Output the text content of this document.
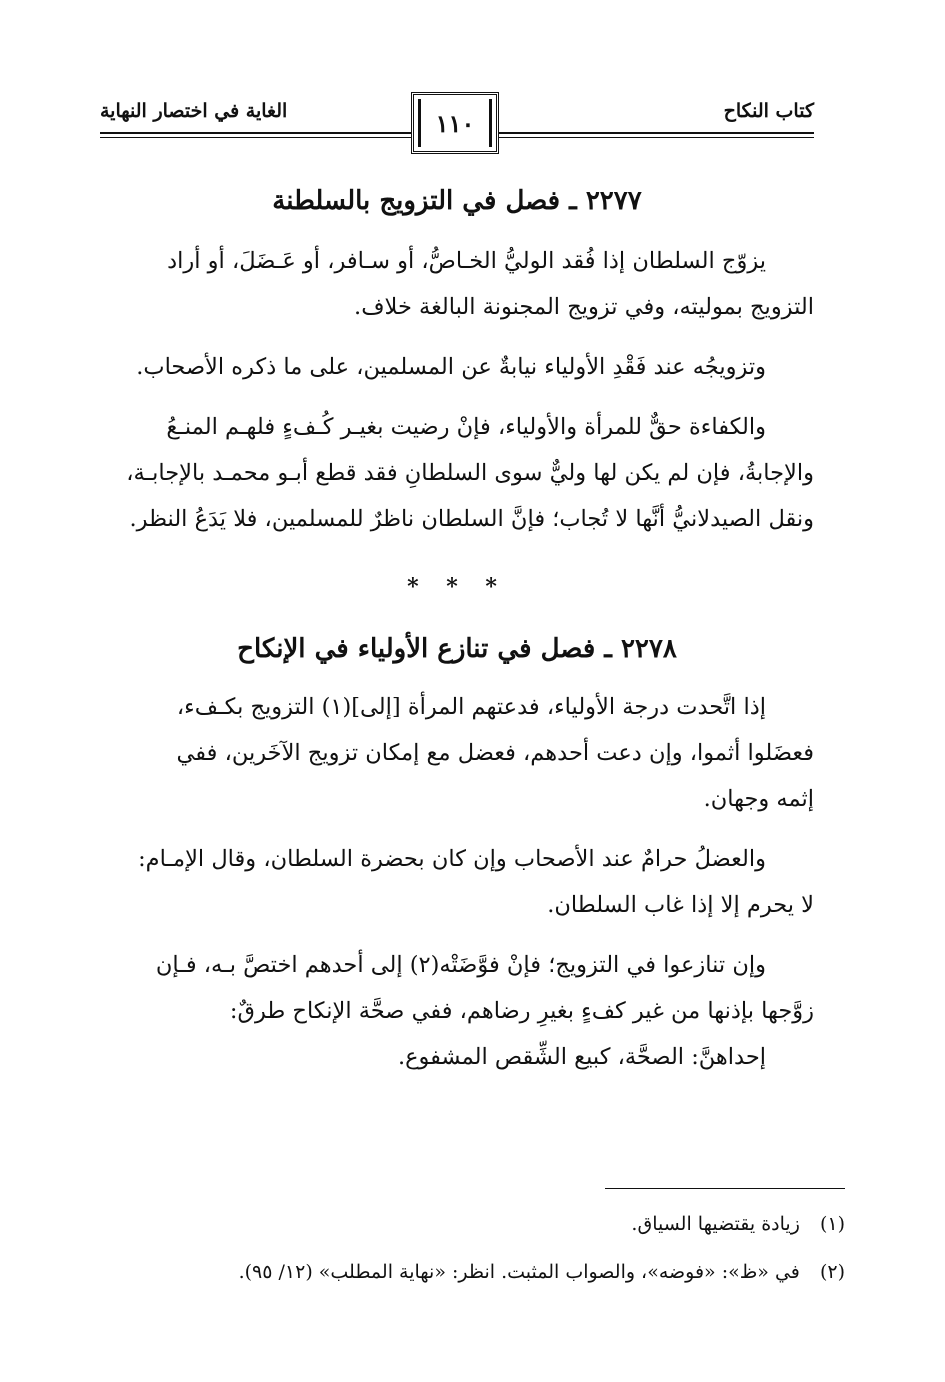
كتاب النكاح
الغاية في اختصار النهاية	١١٠
٢٢٧٧ ـ فصل في التزويج بالسلطنة
يزوّج السلطان إذا فُقد الوليُّ الخـاصُّ، أو سـافر، أو عَـضَلَ، أو أراد
التزويج بموليته، وفي تزويج المجنونة البالغة خلاف.
وتزويجُه عند فَقْدِ الأولياء نيابةٌ عن المسلمين، على ما ذكره الأصحاب.
والكفاءة حقٌّ للمرأة والأولياء، فإنْ رضيت بغيـر كُـفءٍ فلهـم المنـعُ
والإجابةُ، فإن لم يكن لها وليٌّ سوى السلطانِ فقد قطع أبـو محمـد بالإجابـة،
ونقل الصيدلانيُّ أنَّها لا تُجاب؛ فإنَّ السلطان ناظرٌ للمسلمين، فلا يَدَعُ النظر.
* * *
٢٢٧٨ ـ فصل في تنازع الأولياء في الإنكاح
إذا اتَّحدت درجة الأولياء، فدعتهم المرأة [إلى](١) التزويج بكـفء،
فعضَلوا أثموا، وإن دعت أحدهم، فعضل مع إمكان تزويج الآخَرين، ففي
إثمه وجهان.
والعضلُ حرامٌ عند الأصحاب وإن كان بحضرة السلطان، وقال الإمـام:
لا يحرم إلا إذا غاب السلطان.
وإن تنازعوا في التزويج؛ فإنْ فوَّضَتْه(٢) إلى أحدهم اختصَّ بـه، فـإن
زوَّجها بإذنها من غير كفءٍ بغيرِ رضاهم، ففي صحَّة الإنكاح طرقٌ:
إحداهنَّ: الصحَّة، كبيع الشِّقص المشفوع.
(١) زيادة يقتضيها السياق.
(٢) في «ظ»: «فوضه»، والصواب المثبت. انظر: «نهاية المطلب» (١٢/ ٩٥).
